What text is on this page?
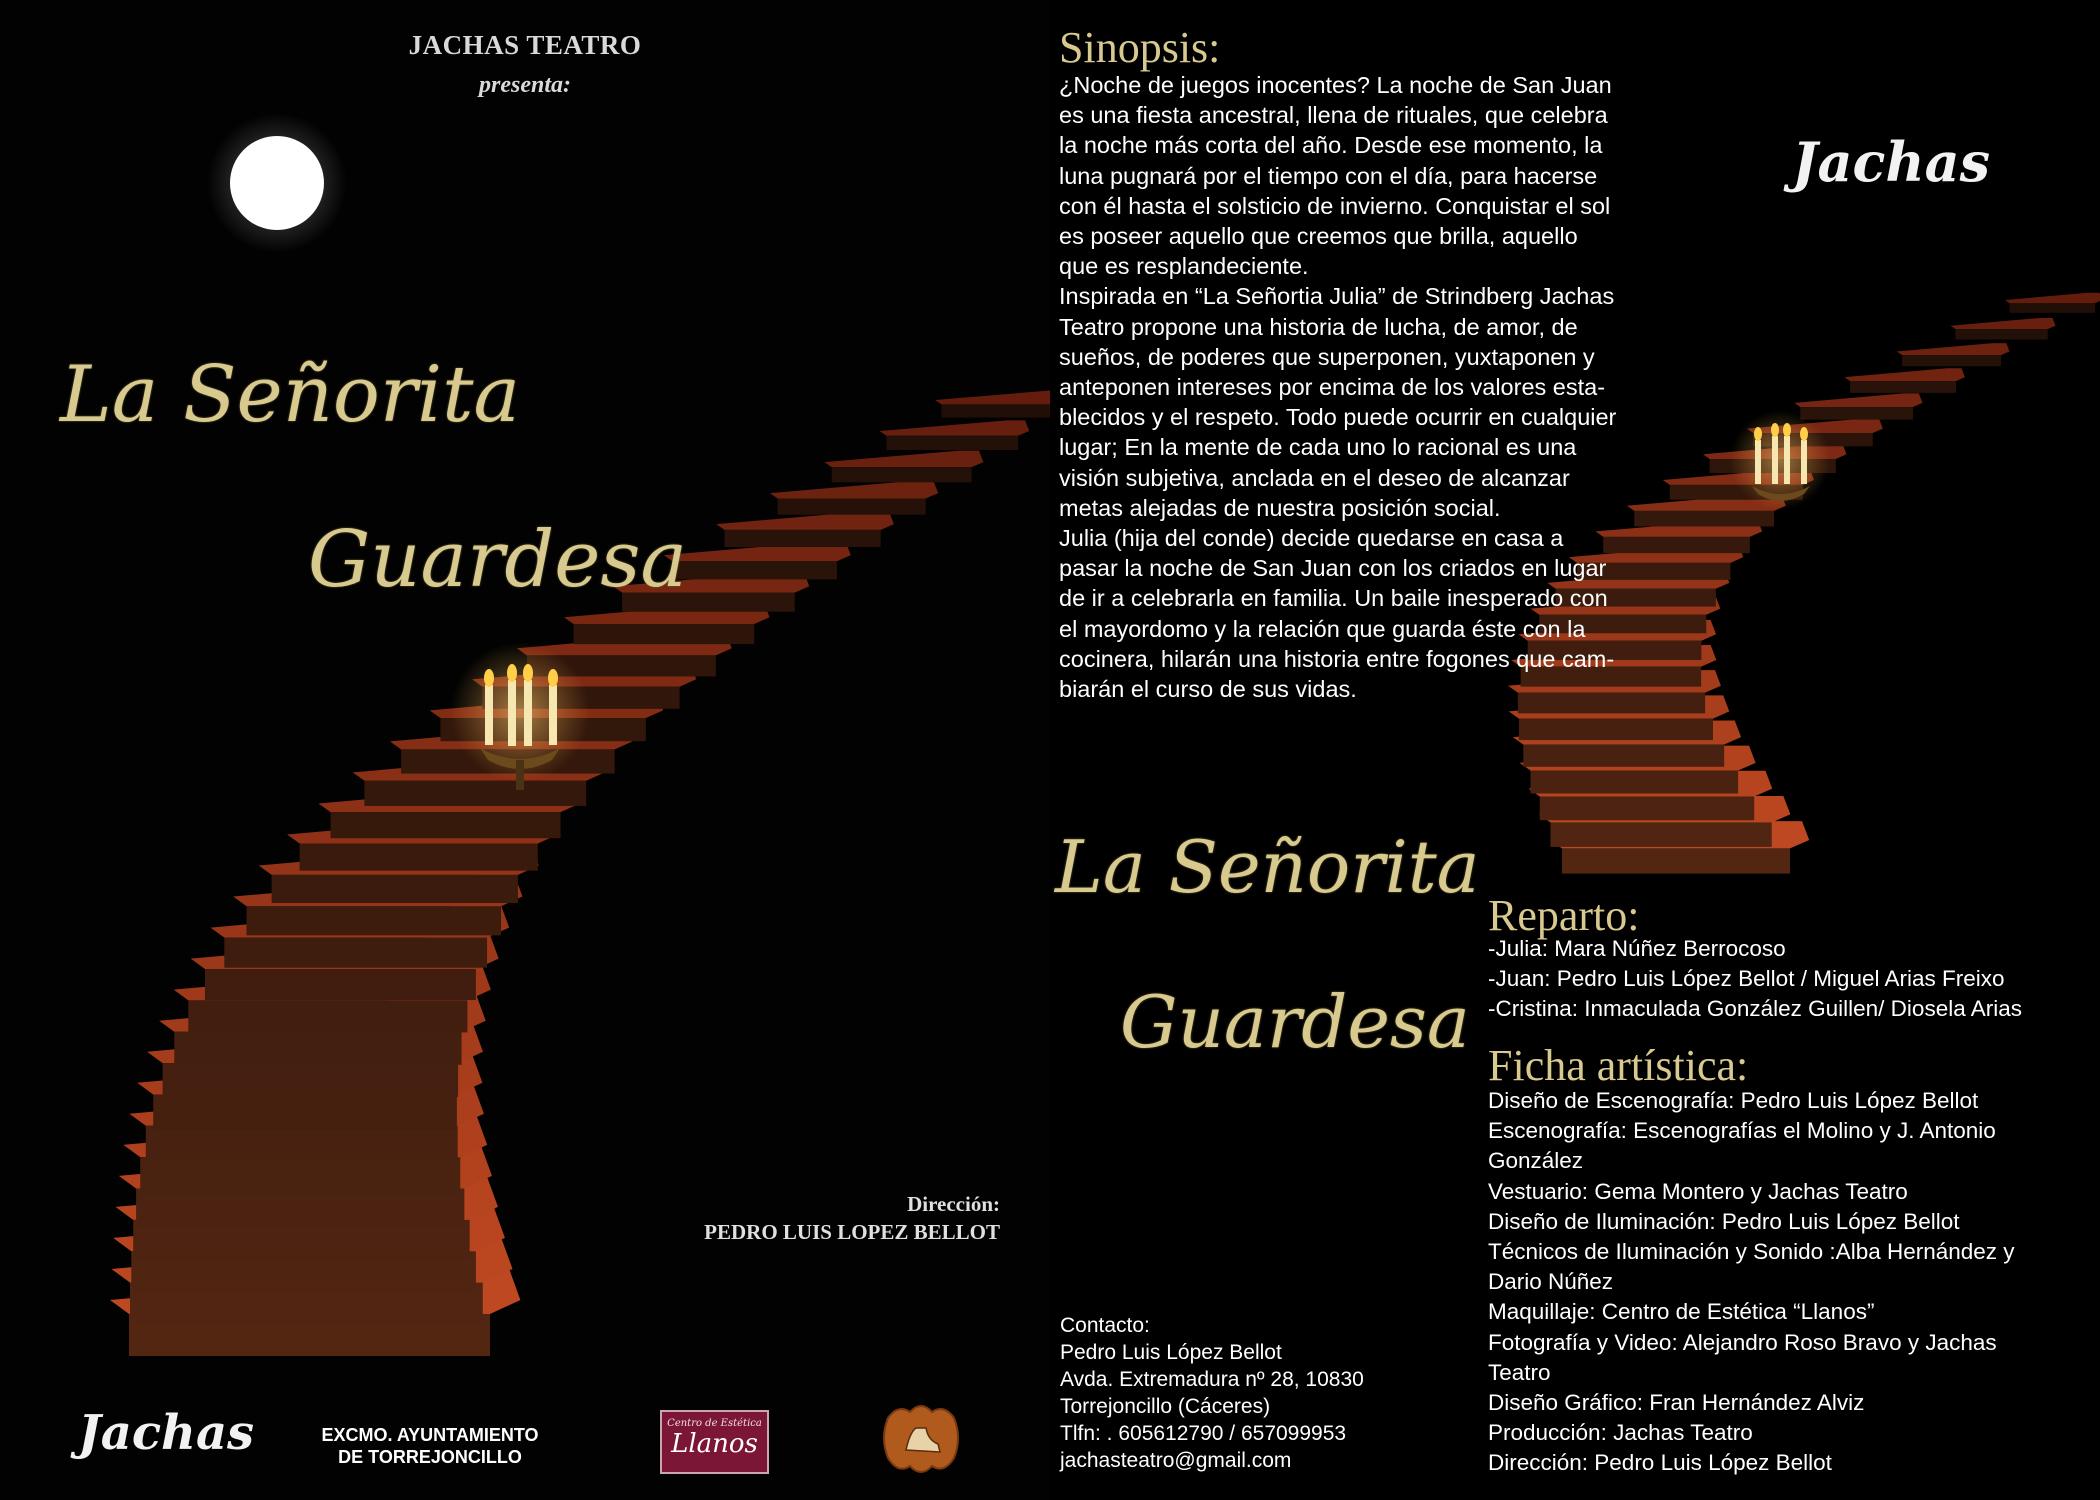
JACHAS TEATRO
presenta:
La Señorita
Guardesa
Dirección:
PEDRO LUIS LOPEZ BELLOT
Jachas	EXCMO. AYUNTAMIENTO
DE TORREJONCILLO
Centro de Estética
Llanos
Jachas
Sinopsis:
¿Noche de juegos inocentes? La noche de San Juan
es una fiesta ancestral, llena de rituales, que celebra
la noche más corta del año. Desde ese momento, la
luna pugnará por el tiempo con el día, para hacerse
con él hasta el solsticio de invierno. Conquistar el sol
es poseer aquello que creemos que brilla, aquello
que es resplandeciente.
Inspirada en “La Señortia Julia” de Strindberg Jachas
Teatro propone una historia de lucha, de amor, de
sueños, de poderes que superponen, yuxtaponen y
anteponen intereses por encima de los valores esta-
blecidos y el respeto. Todo puede ocurrir en cualquier
lugar; En la mente de cada uno lo racional es una
visión subjetiva, anclada en el deseo de alcanzar
metas alejadas de nuestra posición social.
Julia (hija del conde) decide quedarse en casa a
pasar la noche de San Juan con los criados en lugar
de ir a celebrarla en familia. Un baile inesperado con
el mayordomo y la relación que guarda éste con la
cocinera, hilarán una historia entre fogones que cam-
biarán el curso de sus vidas.
La Señorita
Guardesa
Reparto:
-Julia: Mara Núñez Berrocoso
-Juan: Pedro Luis López Bellot / Miguel Arias Freixo
-Cristina: Inmaculada González Guillen/ Diosela Arias
Ficha artística:
Diseño de Escenografía: Pedro Luis López Bellot
Escenografía: Escenografías el Molino y J. Antonio
González
Vestuario: Gema Montero y Jachas Teatro
Diseño de Iluminación: Pedro Luis López Bellot
Técnicos de Iluminación y Sonido :Alba Hernández y
Dario Núñez
Maquillaje: Centro de Estética “Llanos”
Fotografía y Video: Alejandro Roso Bravo y Jachas
Teatro
Diseño Gráfico: Fran Hernández Alviz
Producción: Jachas Teatro
Dirección: Pedro Luis López Bellot
Contacto:
Pedro Luis López Bellot
Avda. Extremadura nº 28, 10830
Torrejoncillo (Cáceres)
Tlfn: . 605612790 / 657099953
jachasteatro@gmail.com
